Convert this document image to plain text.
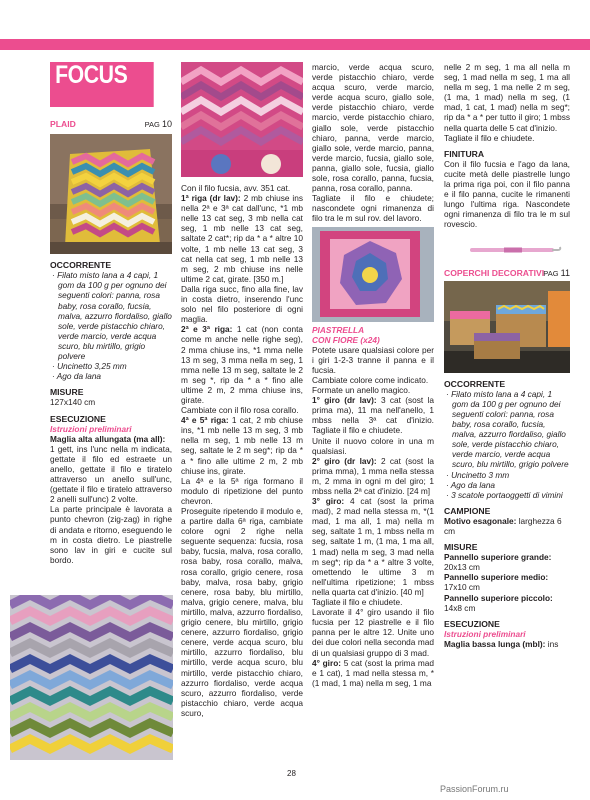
FOCUS
PLAID	PAG 10
OCCORRENTE
· Filato misto lana a 4 capi, 1 gom da 100 g per ognuno dei seguenti colori: panna, rosa baby, rosa corallo, fucsia, malva, azzurro fiordaliso, giallo sole, verde pistacchio chiaro, verde marcio, verde acqua scuro, blu mirtillo, grigio polvere
· Uncinetto 3,25 mm
· Ago da lana
MISURE
127x140 cm
ESECUZIONE
Istruzioni preliminari
Maglia alta allungata (ma all):
1 gett, ins l'unc nella m indicata, gettate il filo ed estraete un anello, gettate il filo e tiratelo attraverso un anello sull'unc, (gettate il filo e tiratelo attraverso 2 anelli sull'unc) 2 volte.
La parte principale è lavorata a punto chevron (zig-zag) in righe di andata e ritorno, eseguendo le m in costa dietro. Le piastrelle sono lav in giri e cucite sul bordo.
Con il filo fucsia, avv. 351 cat.
1ª riga (dr lav): 2 mb chiuse ins nella 2ª e 3ª cat dall'unc, *1 mb nelle 13 cat seg, 3 mb nella cat seg, 1 mb nelle 13 cat seg, saltate 2 cat*; rip da * a * altre 10 volte, 1 mb nelle 13 cat seg, 3 cat nella cat seg, 1 mb nelle 13 m seg, 2 mb chiuse ins nelle ultime 2 cat, girate. [350 m.]
Dalla riga succ, fino alla fine, lav in costa dietro, inserendo l'unc solo nel filo posteriore di ogni maglia.
2ª e 3ª riga: 1 cat (non conta come m anche nelle righe seg), 2 mma chiuse ins, *1 mma nelle 13 m seg, 3 mma nella m seg, 1 mma nelle 13 m seg, saltate le 2 m seg *, rip da * a * fino alle ultime 2 m, 2 mma chiuse ins, girate.
Cambiate con il filo rosa corallo.
4ª e 5ª riga: 1 cat, 2 mb chiuse ins, *1 mb nelle 13 m seg, 3 mb nella m seg, 1 mb nelle 13 m seg, saltate le 2 m seg*; rip da * a * fino alle ultime 2 m, 2 mb chiuse ins, girate.
La 4ª e la 5ª riga formano il modulo di ripetizione del punto chevron.
Proseguite ripetendo il modulo e, a partire dalla 6ª riga, cambiate colore ogni 2 righe nella seguente sequenza: fucsia, rosa baby, fucsia, malva, rosa corallo, rosa baby, rosa corallo, malva, rosa corallo, grigio cenere, rosa baby, malva, rosa baby, grigio cenere, rosa baby, blu mirtillo, malva, grigio cenere, malva, blu mirtillo, malva, azzurro fiordaliso, grigio cenere, blu mirtillo, grigio cenere, azzurro fiordaliso, grigio cenere, verde acqua scuro, blu mirtillo, azzurro fiordaliso, blu mirtillo, verde acqua scuro, blu mirtillo, verde pistacchio chiaro, azzurro fiordaliso, verde acqua scuro, azzurro fiordaliso, verde pistacchio chiaro, verde acqua scuro,
marcio, verde acqua scuro, verde pistacchio chiaro, verde acqua scuro, verde marcio, verde acqua scuro, giallo sole, verde pistacchio chiaro, verde marcio, verde pistacchio chiaro, giallo sole, verde pistacchio chiaro, panna, verde marcio, giallo sole, verde marcio, panna, verde marcio, fucsia, giallo sole, panna, giallo sole, fucsia, giallo sole, rosa corallo, panna, fucsia, panna, rosa corallo, panna.
Tagliate il filo e chiudete; nascondete ogni rimanenza di filo tra le m sul rov. del lavoro.
PIASTRELLA
CON FIORE (x24)
Potete usare qualsiasi colore per i giri 1-2-3 tranne il panna e il fucsia.
Cambiate colore come indicato.
Formate un anello magico.
1° giro (dr lav): 3 cat (sost la prima ma), 11 ma nell'anello, 1 mbss nella 3ª cat d'inizio. Tagliate il filo e chiudete.
Unite il nuovo colore in una m qualsiasi.
2° giro (dr lav): 2 cat (sost la prima mma), 1 mma nella stessa m, 2 mma in ogni m del giro; 1 mbss nella 2ª cat d'inizio. [24 m]
3° giro: 4 cat (sost la prima mad), 2 mad nella stessa m, *(1 mad, 1 ma all, 1 ma) nella m seg, saltate 1 m, 1 mbss nella m seg, saltate 1 m, (1 ma, 1 ma all, 1 mad) nella m seg, 3 mad nella m seg*; rip da * a * altre 3 volte, omettendo le ultime 3 m nell'ultima ripetizione; 1 mbss nella quarta cat d'inizio. [40 m]
Tagliate il filo e chiudete.
Lavorate il 4° giro usando il filo fucsia per 12 piastrelle e il filo panna per le altre 12. Unite uno dei due colori nella seconda mad di un qualsiasi gruppo di 3 mad.
4° giro: 5 cat (sost la prima mad e 1 cat), 1 mad nella stessa m, *(1 mad, 1 ma) nella m seg, 1 ma
nelle 2 m seg, 1 ma all nella m seg, 1 mad nella m seg, 1 ma all nella m seg, 1 ma nelle 2 m seg, (1 ma, 1 mad) nella m seg, (1 mad, 1 cat, 1 mad) nella m seg*; rip da * a * per tutto il giro; 1 mbss nella quarta delle 5 cat d'inizio.
Tagliate il filo e chiudete.
FINITURA
Con il filo fucsia e l'ago da lana, cucite metà delle piastrelle lungo la prima riga poi, con il filo panna e il filo panna, cucite le rimanenti lungo l'ultima riga. Nascondete ogni rimanenza di filo tra le m sul rovescio.
COPERCHI DECORATIVI PAG 11
OCCORRENTE
· Filato misto lana a 4 capi, 1 gom da 100 g per ognuno dei seguenti colori: panna, rosa baby, rosa corallo, fucsia, malva, azzurro fiordaliso, giallo sole, verde pistacchio chiaro, verde marcio, verde acqua scuro, blu mirtillo, grigio polvere
· Uncinetto 3 mm
· Ago da lana
· 3 scatole portaoggetti di vimini
CAMPIONE
Motivo esagonale: larghezza 6 cm
MISURE
Pannello superiore grande:
20x13 cm
Pannello superiore medio:
17x10 cm
Pannello superiore piccolo:
14x8 cm
ESECUZIONE
Istruzioni preliminari
Maglia bassa lunga (mbl): ins
28
PassionForum.ru
